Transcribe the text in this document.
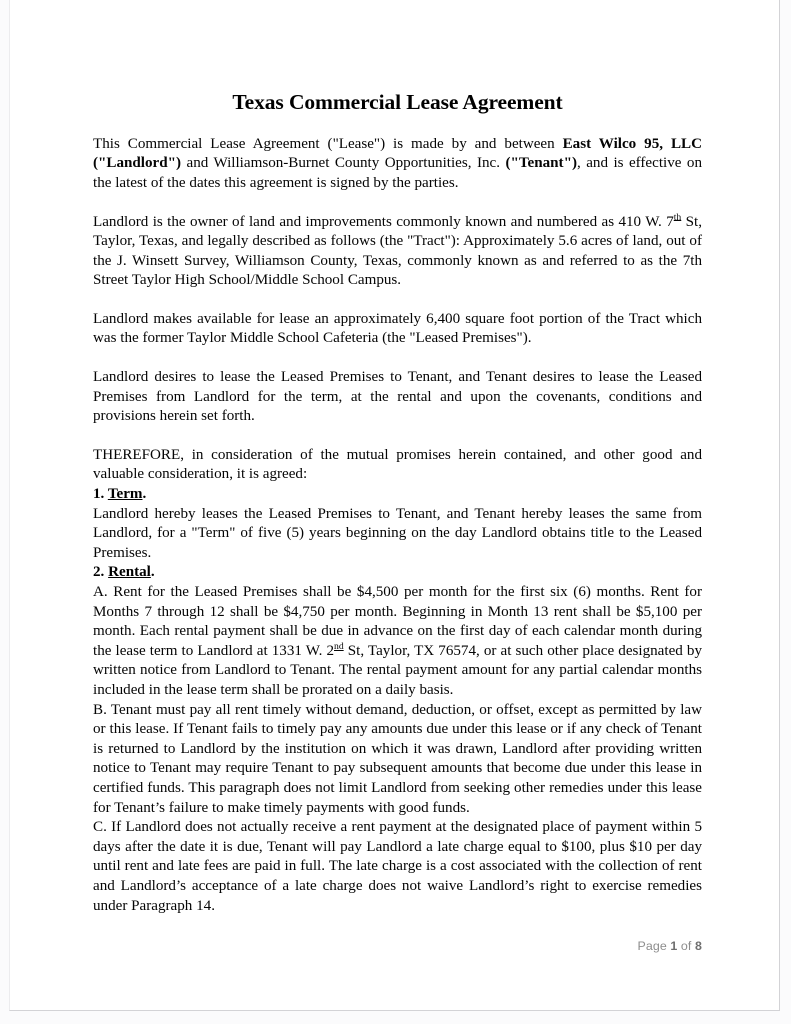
Texas Commercial Lease Agreement

This Commercial Lease Agreement ("Lease") is made by and between East Wilco 95, LLC ("Landlord") and Williamson-Burnet County Opportunities, Inc. ("Tenant"), and is effective on the latest of the dates this agreement is signed by the parties.

Landlord is the owner of land and improvements commonly known and numbered as 410 W. 7th St, Taylor, Texas, and legally described as follows (the "Tract"): Approximately 5.6 acres of land, out of the J. Winsett Survey, Williamson County, Texas, commonly known as and referred to as the 7th Street Taylor High School/Middle School Campus.

Landlord makes available for lease an approximately 6,400 square foot portion of the Tract which was the former Taylor Middle School Cafeteria (the "Leased Premises").

Landlord desires to lease the Leased Premises to Tenant, and Tenant desires to lease the Leased Premises from Landlord for the term, at the rental and upon the covenants, conditions and provisions herein set forth.

THEREFORE, in consideration of the mutual promises herein contained, and other good and valuable consideration, it is agreed:

1. Term.

Landlord hereby leases the Leased Premises to Tenant, and Tenant hereby leases the same from Landlord, for a "Term" of five (5) years beginning on the day Landlord obtains title to the Leased Premises.

2. Rental.

A. Rent for the Leased Premises shall be $4,500 per month for the first six (6) months. Rent for Months 7 through 12 shall be $4,750 per month. Beginning in Month 13 rent shall be $5,100 per month. Each rental payment shall be due in advance on the first day of each calendar month during the lease term to Landlord at 1331 W. 2nd St, Taylor, TX 76574, or at such other place designated by written notice from Landlord to Tenant. The rental payment amount for any partial calendar months included in the lease term shall be prorated on a daily basis.

B. Tenant must pay all rent timely without demand, deduction, or offset, except as permitted by law or this lease. If Tenant fails to timely pay any amounts due under this lease or if any check of Tenant is returned to Landlord by the institution on which it was drawn, Landlord after providing written notice to Tenant may require Tenant to pay subsequent amounts that become due under this lease in certified funds. This paragraph does not limit Landlord from seeking other remedies under this lease for Tenant’s failure to make timely payments with good funds.

C. If Landlord does not actually receive a rent payment at the designated place of payment within 5 days after the date it is due, Tenant will pay Landlord a late charge equal to $100, plus $10 per day until rent and late fees are paid in full. The late charge is a cost associated with the collection of rent and Landlord’s acceptance of a late charge does not waive Landlord’s right to exercise remedies under Paragraph 14.

Page 1 of 8
